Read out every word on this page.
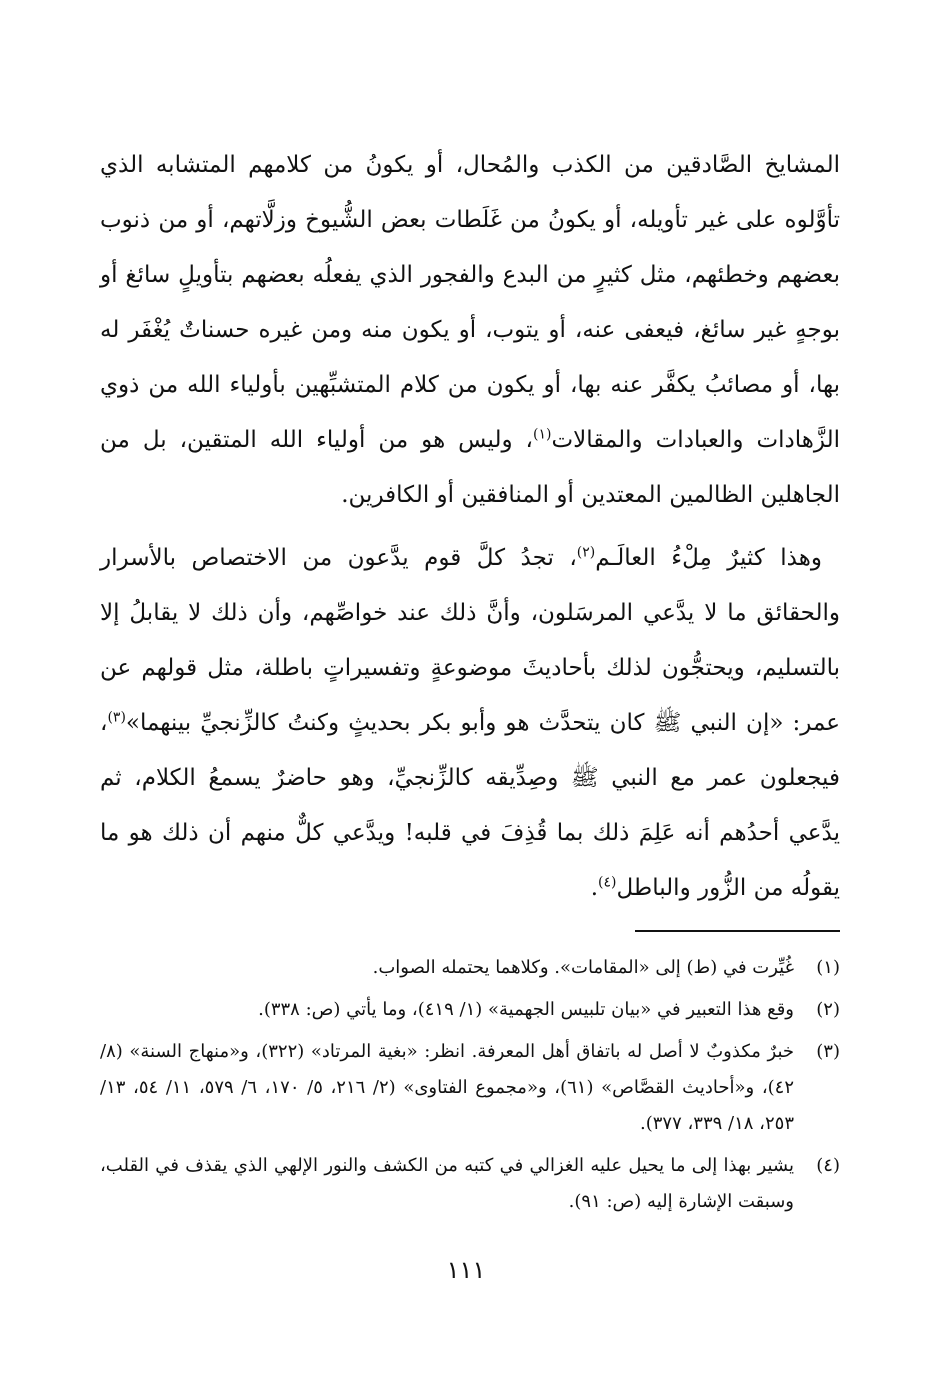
المشايخ الصَّادقين من الكذب والمُحال، أو يكونُ من كلامهم المتشابه الذي تأوَّلوه على غير تأويله، أو يكونُ من غَلَطات بعض الشُّيوخ وزلَّاتهم، أو من ذنوب بعضهم وخطئهم، مثل كثيرٍ من البدع والفجور الذي يفعلُه بعضهم بتأويلٍ سائغ أو بوجهٍ غير سائغ، فيعفى عنه، أو يتوب، أو يكون منه ومن غيره حسناتٌ يُغْفَر له بها، أو مصائبُ يكفَّر عنه بها، أو يكون من كلام المتشبِّهين بأولياء الله من ذوي الزَّهادات والعبادات والمقالات$^{(١)}$، وليس هو من أولياء الله المتقين، بل من الجاهلين الظالمين المعتدين أو المنافقين أو الكافرين.

وهذا كثيرٌ مِلْءُ العالَـم$^{(٢)}$، تجدُ كلَّ قوم يدَّعون من الاختصاص بالأسرار والحقائق ما لا يدَّعي المرسَلون، وأنَّ ذلك عند خواصِّهم، وأن ذلك لا يقابلُ إلا بالتسليم، ويحتجُّون لذلك بأحاديثَ موضوعةٍ وتفسيراتٍ باطلة، مثل قولهم عن عمر: «إن النبي ﷺ كان يتحدَّث هو وأبو بكر بحديثٍ وكنتُ كالزِّنجيِّ بينهما»$^{(٣)}$، فيجعلون عمر مع النبي ﷺ وصِدِّيقه كالزِّنجيِّ، وهو حاضرٌ يسمعُ الكلام، ثم يدَّعي أحدُهم أنه عَلِمَ ذلك بما قُذِفَ في قلبه! ويدَّعي كلٌّ منهم أن ذلك هو ما يقولُه من الزُّور والباطل$^{(٤)}$.

(١)
غُيِّرت في (ط) إلى «المقامات». وكلاهما يحتمله الصواب.
(٢)
وقع هذا التعبير في «بيان تلبيس الجهمية» (١/ ٤١٩)، وما يأتي (ص: ٣٣٨).
(٣)
خبرٌ مكذوبٌ لا أصل له باتفاق أهل المعرفة. انظر: «بغية المرتاد» (٣٢٢)، و«منهاج السنة» (٨/ ٤٢)، و«أحاديث القصَّاص» (٦١)، و«مجموع الفتاوى» (٢/ ٢١٦، ٥/ ١٧٠، ٦/ ٥٧٩، ١١/ ٥٤، ١٣/ ٢٥٣، ١٨/ ٣٣٩، ٣٧٧).
(٤)
يشير بهذا إلى ما يحيل عليه الغزالي في كتبه من الكشف والنور الإلهي الذي يقذف في القلب، وسبقت الإشارة إليه (ص: ٩١).
١١١
